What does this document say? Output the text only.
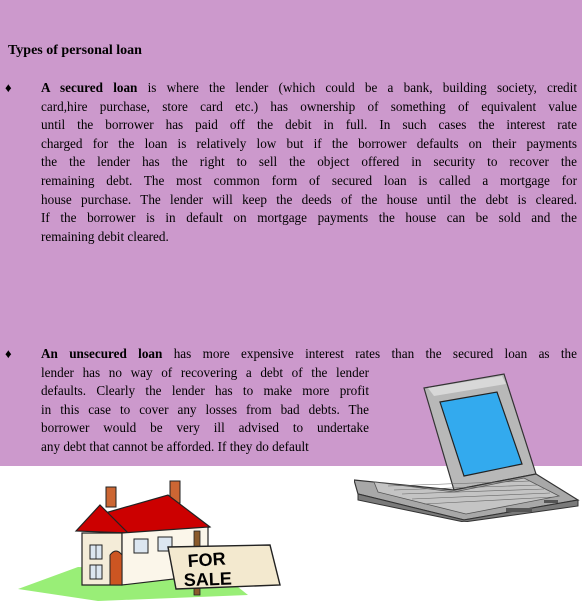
Types of personal loan
♦ A secured loan is where the lender (which could be a bank, building society, credit
card,hire purchase, store card etc.) has ownership of something of equivalent value
until the borrower has paid off the debit in full. In such cases the interest rate
charged for the loan is relatively low but if the borrower defaults on their payments
the the lender has the right to sell the object offered in security to recover the
remaining debt. The most common form of secured loan is called a mortgage for
house purchase. The lender will keep the deeds of the house until the debt is cleared.
If the borrower is in default on mortgage payments the house can be sold and the
remaining debit cleared.
♦ An unsecured loan has more expensive interest rates than the secured loan as the
lender has no way of recovering a debt of the lender
defaults. Clearly the lender has to make more profit
in this case to cover any losses from bad debts. The
borrower would be very ill advised to undertake
any debt that cannot be afforded. If they do default
FOR
SALE
